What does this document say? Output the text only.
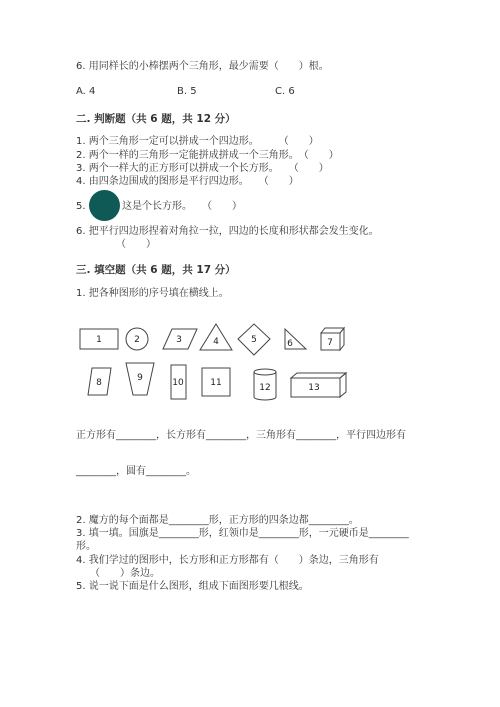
6. 用同样长的小棒摆两个三角形，最少需要（　　）根。
A. 4	B. 5	C. 6
二. 判断题（共 6 题，共 12 分）
1. 两个三角形一定可以拼成一个四边形。　　　（　　）
2. 两个一样的三角形一定能拼成拼成一个三角形。　（　　）
3. 两个一样大的正方形可以拼成一个长方形。　　（　　）
4. 由四条边围成的图形是平行四边形。　　（　　）
5.	这是个长方形。　　（　　）
6. 把平行四边形捏着对角拉一拉，四边的长度和形状都会发生变化。
（　　）
三. 填空题（共 6 题，共 17 分）
1. 把各种图形的序号填在横线上。
1	2	3	4	5	6	7
8	9	10	11	12	13
正方形有________，长方形有________，三角形有________，平行四边形有
________，圆有________。
2. 魔方的每个面都是________形，正方形的四条边都________。
3. 填一填。国旗是________形，红领巾是________形，一元硬币是________
形。
4. 我们学过的图形中，长方形和正方形都有（　　）条边，三角形有
（　　）条边。
5. 说一说下面是什么图形，组成下面图形要几根线。
